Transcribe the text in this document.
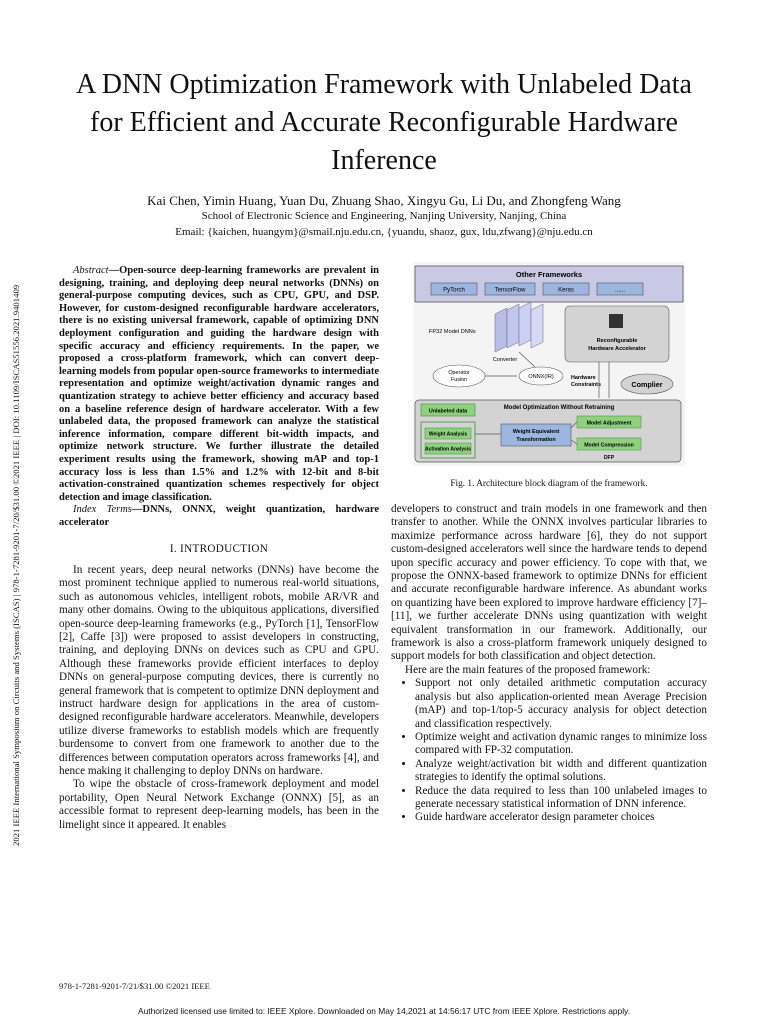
2021 IEEE International Symposium on Circuits and Systems (ISCAS) | 978-1-7281-9201-7/20/$31.00 ©2021 IEEE | DOI: 10.1109/ISCAS51556.2021.9401409
A DNN Optimization Framework with Unlabeled Data for Efficient and Accurate Reconfigurable Hardware Inference
Kai Chen, Yimin Huang, Yuan Du, Zhuang Shao, Xingyu Gu, Li Du, and Zhongfeng Wang
School of Electronic Science and Engineering, Nanjing University, Nanjing, China
Email: {kaichen, huangym}@smail.nju.edu.cn, {yuandu, shaoz, gux, ldu,zfwang}@nju.edu.cn

Abstract—Open-source deep-learning frameworks are prevalent in designing, training, and deploying deep neural networks (DNNs) on general-purpose computing devices, such as CPU, GPU, and DSP. However, for custom-designed reconfigurable hardware accelerators, there is no existing universal framework, capable of optimizing DNN deployment configuration and guiding the hardware design with specific accuracy and efficiency requirements. In the paper, we proposed a cross-platform framework, which can convert deep-learning models from popular open-source frameworks to intermediate representation and optimize weight/activation dynamic ranges and quantization strategy to achieve better efficiency and accuracy based on a baseline reference design of hardware accelerator. With a few unlabeled data, the proposed framework can analyze the statistical inference information, compare different bit-width impacts, and optimize network structure. We further illustrate the detailed experiment results using the framework, showing mAP and top-1 accuracy loss is less than 1.5% and 1.2% with 12-bit and 8-bit activation-constrained quantization schemes respectively for object detection and image classification.

Index Terms—DNNs, ONNX, weight quantization, hardware accelerator

I. INTRODUCTION

In recent years, deep neural networks (DNNs) have become the most prominent technique applied to numerous real-world situations, such as autonomous vehicles, intelligent robots, mobile AR/VR and many other domains. Owing to the ubiquitous applications, diversified open-source deep-learning frameworks (e.g., PyTorch [1], TensorFlow [2], Caffe [3]) were proposed to assist developers in constructing, training, and deploying DNNs on devices such as CPU and GPU. Although these frameworks provide efficient interfaces to deploy DNNs on general-purpose computing devices, there is currently no general framework that is competent to optimize DNN deployment and instruct hardware design for applications in the area of custom-designed reconfigurable hardware accelerators. Meanwhile, developers utilize diverse frameworks to establish models which are frequently burdensome to convert from one framework to another due to the differences between computation operators across frameworks [4], and hence making it challenging to deploy DNNs on hardware.

To wipe the obstacle of cross-framework deployment and model portability, Open Neural Network Exchange (ONNX) [5], as an accessible format to represent deep-learning models, has been in the limelight since it appeared. It enables

Other Frameworks
PyTorch	TensorFlow	Keras	......
FP32 Model DNNs
Reconfigurable
Hardware Accelerator
Converter
Operator
Fusion	ONNX(IR)	Hardware
Constraints	Complier
Model Optimization Without Retraining
Unlabeled data
Weight Analysis
Activation Analysis
Weight Equivalent
Transformation
Model Adjustment
Model Compression
DFP
Fig. 1. Architecture block diagram of the framework.

developers to construct and train models in one framework and then transfer to another. While the ONNX involves particular libraries to maximize performance across hardware [6], they do not support custom-designed accelerators well since the hardware tends to depend upon specific accuracy and power efficiency. To cope with that, we propose the ONNX-based framework to optimize DNNs for efficient and accurate reconfigurable hardware inference. As abundant works on quantizing have been explored to improve hardware efficiency [7]–[11], we further accelerate DNNs using quantization with weight equivalent transformation in our framework. Additionally, our framework is also a cross-platform framework uniquely designed to support models for both classification and object detection.

Here are the main features of the proposed framework:

• Support not only detailed arithmetic computation accuracy analysis but also application-oriented mean Average Precision (mAP) and top-1/top-5 accuracy analysis for object detection and classification respectively.
• Optimize weight and activation dynamic ranges to minimize loss compared with FP-32 computation.
• Analyze weight/activation bit width and different quantization strategies to identify the optimal solutions.
• Reduce the data required to less than 100 unlabeled images to generate necessary statistical information of DNN inference.
• Guide hardware accelerator design parameter choices
978-1-7281-9201-7/21/$31.00 ©2021 IEEE
Authorized licensed use limited to: IEEE Xplore. Downloaded on May 14,2021 at 14:56:17 UTC from IEEE Xplore. Restrictions apply.
